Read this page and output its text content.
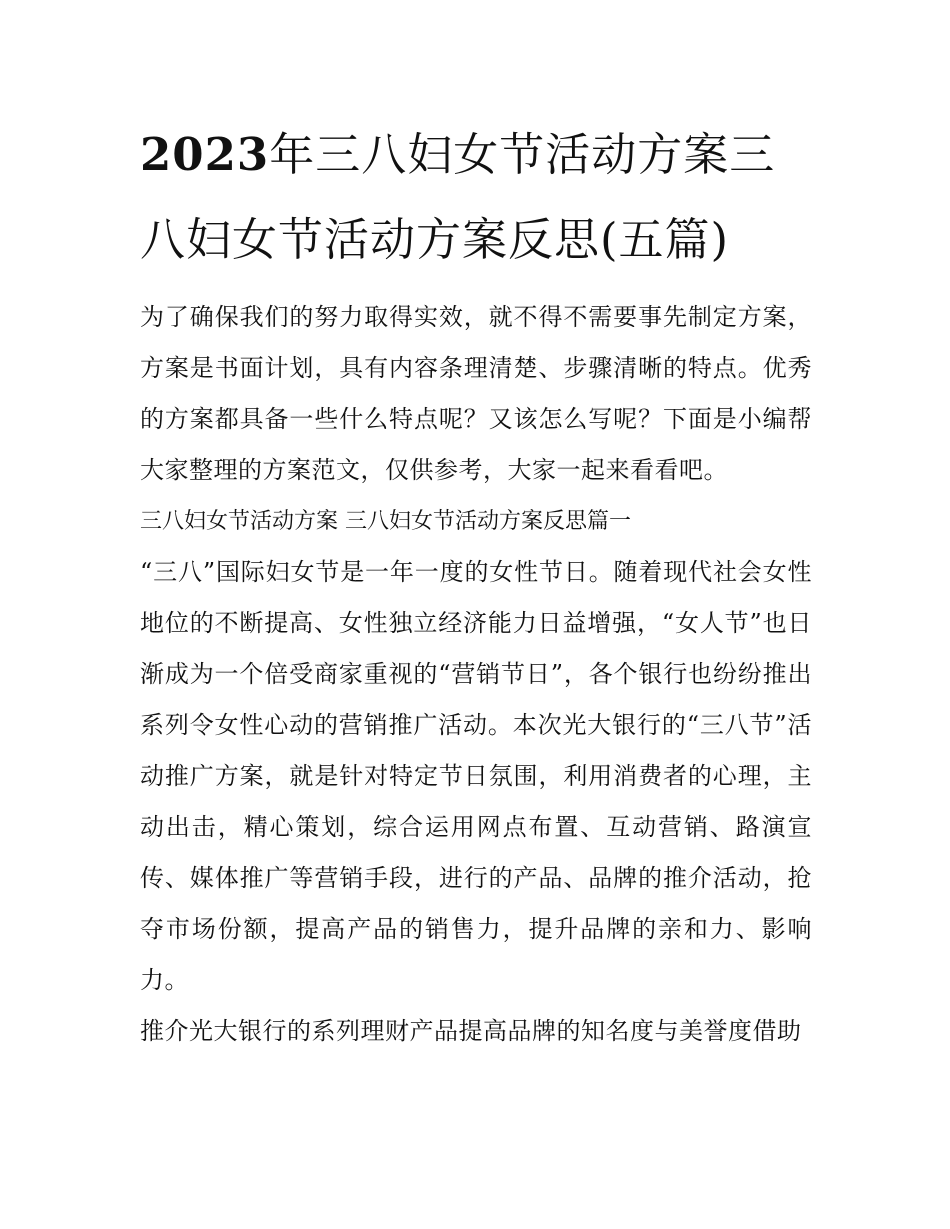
2023年三八妇女节活动方案三八妇女节活动方案反思(五篇)

为了确保我们的努力取得实效，就不得不需要事先制定方案，方案是书面计划，具有内容条理清楚、步骤清晰的特点。优秀的方案都具备一些什么特点呢？又该怎么写呢？下面是小编帮大家整理的方案范文，仅供参考，大家一起来看看吧。

三八妇女节活动方案 三八妇女节活动方案反思篇一

“三八”国际妇女节是一年一度的女性节日。随着现代社会女性地位的不断提高、女性独立经济能力日益增强，“女人节”也日渐成为一个倍受商家重视的“营销节日”，各个银行也纷纷推出系列令女性心动的营销推广活动。本次光大银行的“三八节”活动推广方案，就是针对特定节日氛围，利用消费者的心理，主动出击，精心策划，综合运用网点布置、互动营销、路演宣传、媒体推广等营销手段，进行的产品、品牌的推介活动，抢夺市场份额，提高产品的销售力，提升品牌的亲和力、影响力。

推介光大银行的系列理财产品提高品牌的知名度与美誉度借助
